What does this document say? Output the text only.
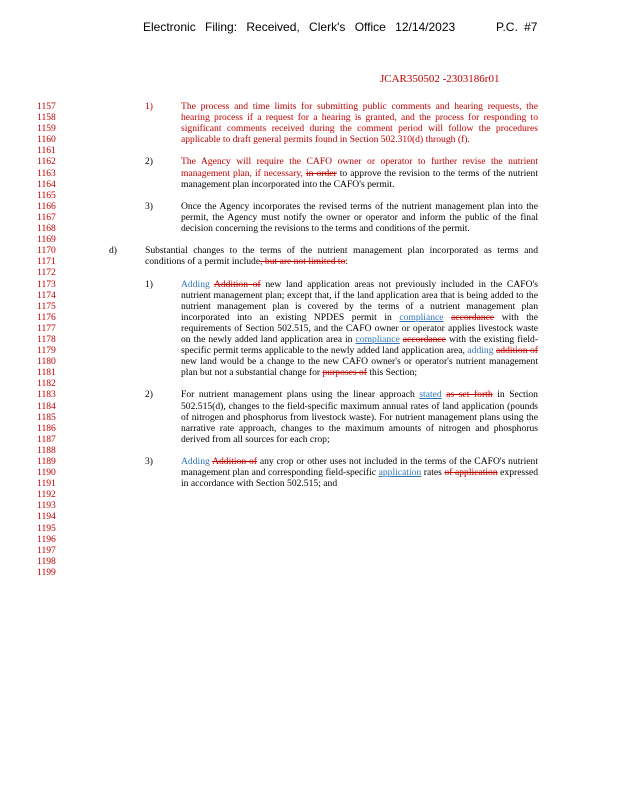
Electronic Filing: Received, Clerk's Office 12/14/2023	P.C. #7
JCAR350502 -2303186r01
1157
1158
1159
1160
1161
1162
1163
1164
1165
1166
1167
1168
1169
1170
1171
1172
1173
1174
1175
1176
1177
1178
1179
1180
1181
1182
1183
1184
1185
1186
1187
1188
1189
1190
1191
1192
1193
1194
1195
1196
1197
1198
1199
1)	The process and time limits for submitting public comments and hearing requests, the hearing process if a request for a hearing is granted, and the process for responding to significant comments received during the comment period will follow the procedures applicable to draft general permits found in Section 502.310(d) through (f).
2)	The Agency will require the CAFO owner or operator to further revise the nutrient management plan, if necessary, in order to approve the revision to the terms of the nutrient management plan incorporated into the CAFO's permit.
3)	Once the Agency incorporates the revised terms of the nutrient management plan into the permit, the Agency must notify the owner or operator and inform the public of the final decision concerning the revisions to the terms and conditions of the permit.
d)	Substantial changes to the terms of the nutrient management plan incorporated as terms and conditions of a permit include, but are not limited to:
1)	Adding Addition of new land application areas not previously included in the CAFO's nutrient management plan; except that, if the land application area that is being added to the nutrient management plan is covered by the terms of a nutrient management plan incorporated into an existing NPDES permit in compliance accordance with the requirements of Section 502.515, and the CAFO owner or operator applies livestock waste on the newly added land application area in compliance accordance with the existing field-specific permit terms applicable to the newly added land application area, adding addition of new land would be a change to the new CAFO owner's or operator's nutrient management plan but not a substantial change for purposes of this Section;
2)	For nutrient management plans using the linear approach stated as set forth in Section 502.515(d), changes to the field-specific maximum annual rates of land application (pounds of nitrogen and phosphorus from livestock waste). For nutrient management plans using the narrative rate approach, changes to the maximum amounts of nitrogen and phosphorus derived from all sources for each crop;
3)	Adding Addition of any crop or other uses not included in the terms of the CAFO's nutrient management plan and corresponding field-specific application rates of application expressed in accordance with Section 502.515; and
